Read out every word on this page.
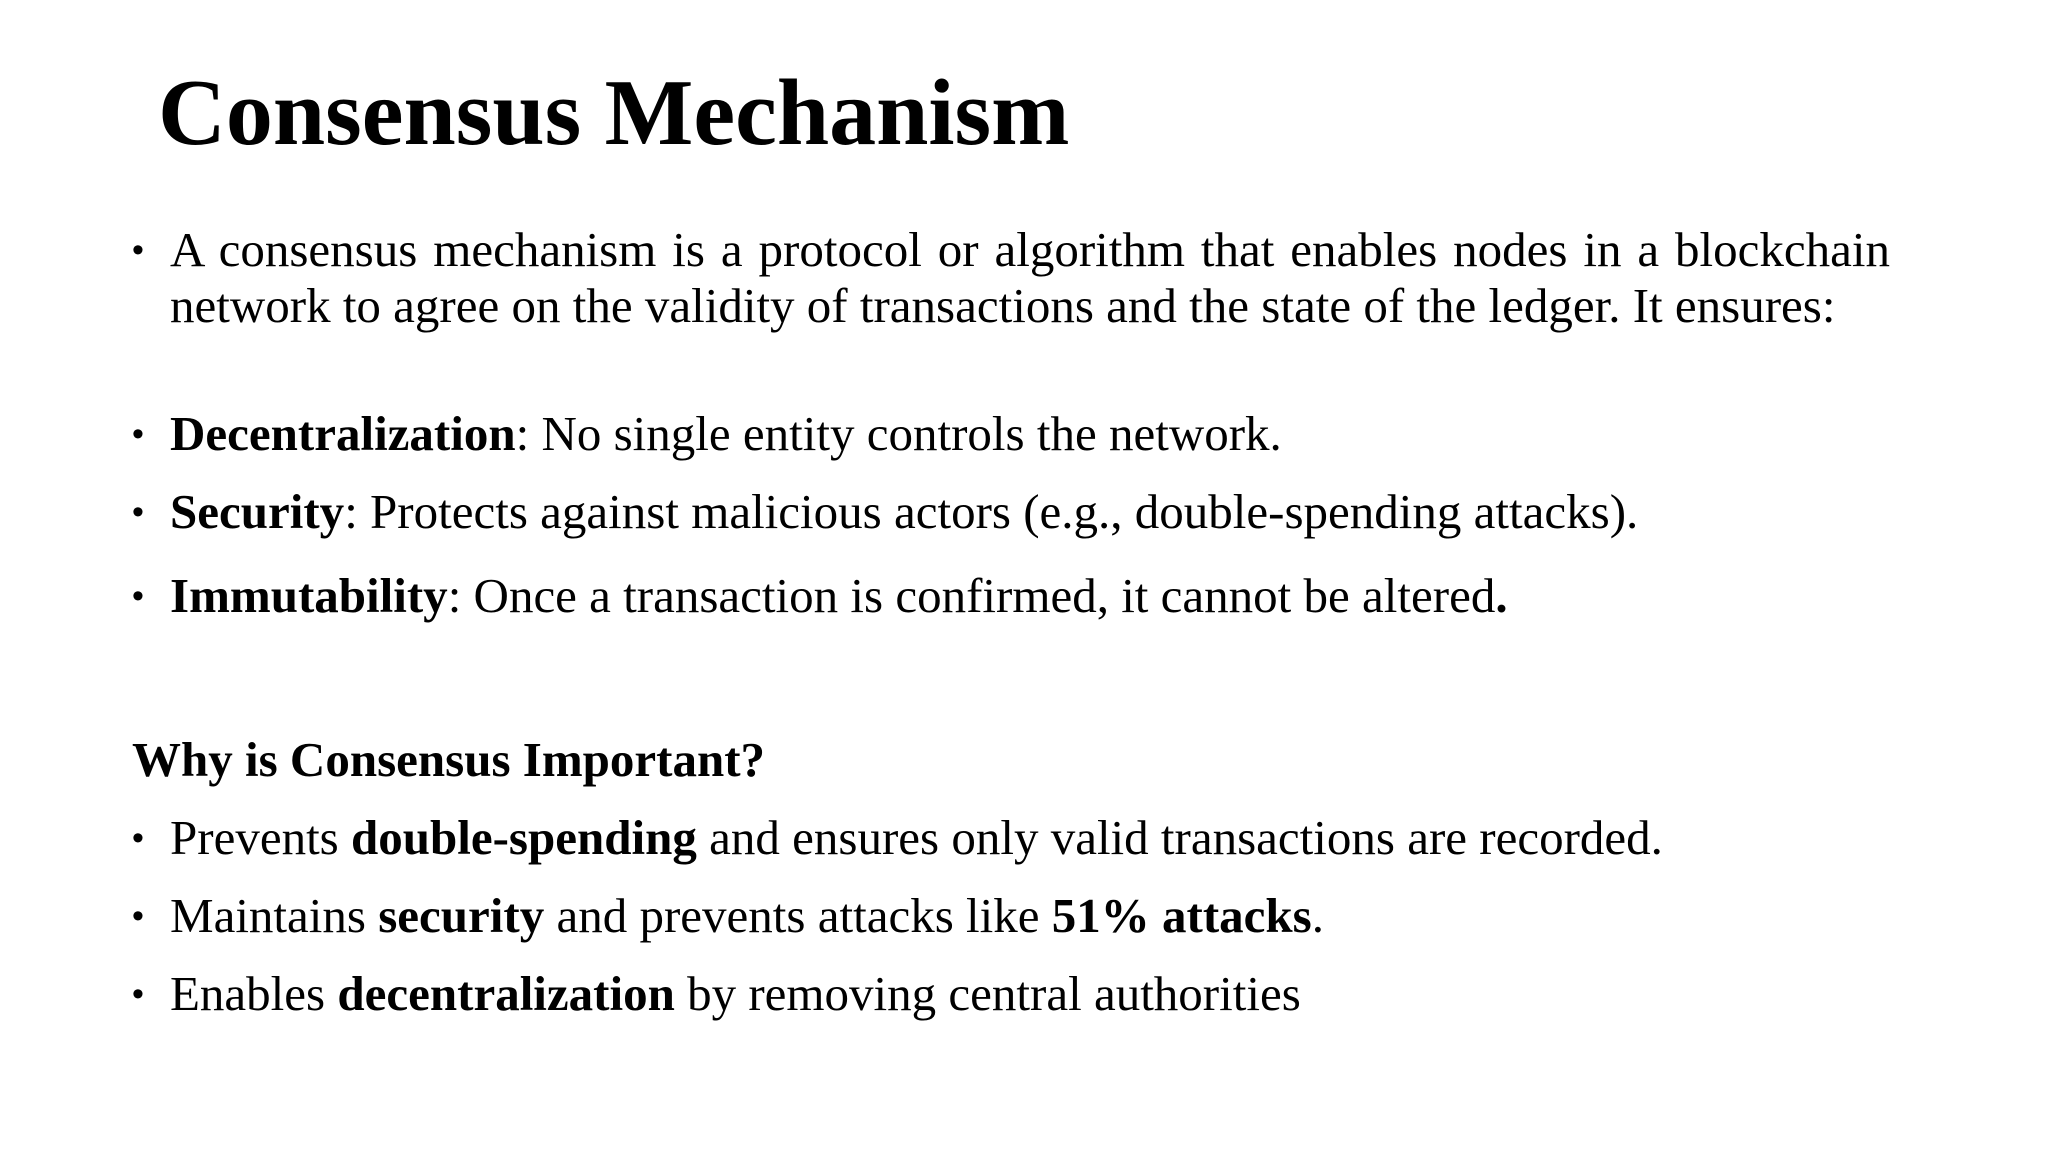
Consensus Mechanism
• A consensus mechanism is a protocol or algorithm that enables nodes in a blockchain network to agree on the validity of transactions and the state of the ledger. It ensures:
• Decentralization: No single entity controls the network.
• Security: Protects against malicious actors (e.g., double-spending attacks).
• Immutability: Once a transaction is confirmed, it cannot be altered.
Why is Consensus Important?
• Prevents double-spending and ensures only valid transactions are recorded.
• Maintains security and prevents attacks like 51% attacks.
• Enables decentralization by removing central authorities
